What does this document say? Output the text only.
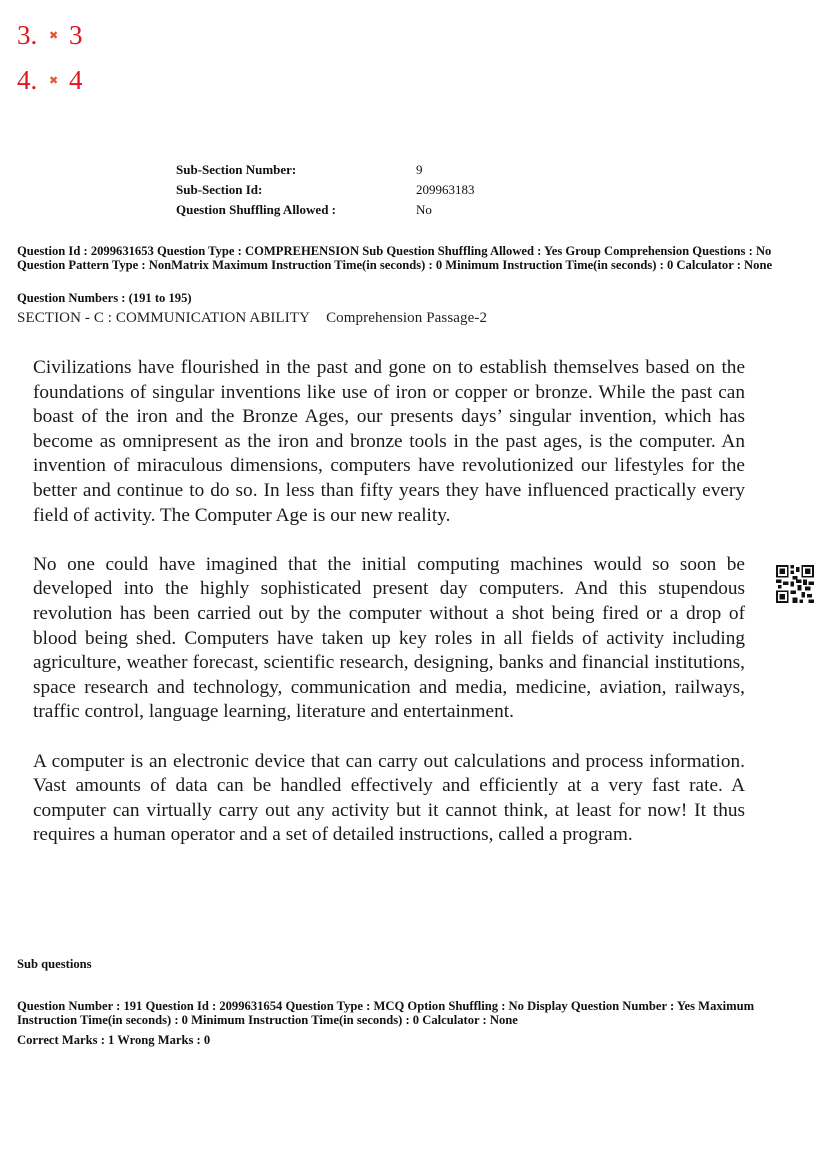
3. ✖ 3
4. ✖ 4
Sub-Section Number:	9
Sub-Section Id:	209963183
Question Shuffling Allowed :	No
Question Id : 2099631653 Question Type : COMPREHENSION Sub Question Shuffling Allowed : Yes Group Comprehension Questions : No Question Pattern Type : NonMatrix Maximum Instruction Time(in seconds) : 0 Minimum Instruction Time(in seconds) : 0 Calculator : None
Question Numbers : (191 to 195)
SECTION - C : COMMUNICATION ABILITY Comprehension Passage-2

Civilizations have flourished in the past and gone on to establish themselves based on the foundations of singular inventions like use of iron or copper or bronze. While the past can boast of the iron and the Bronze Ages, our presents days’ singular invention, which has become as omnipresent as the iron and bronze tools in the past ages, is the computer. An invention of miraculous dimensions, computers have revolutionized our lifestyles for the better and continue to do so. In less than fifty years they have influenced practically every field of activity. The Computer Age is our new reality.

No one could have imagined that the initial computing machines would so soon be developed into the highly sophisticated present day computers. And this stupendous revolution has been carried out by the computer without a shot being fired or a drop of blood being shed. Computers have taken up key roles in all fields of activity including agriculture, weather forecast, scientific research, designing, banks and financial institutions, space research and technology, communication and media, medicine, aviation, railways, traffic control, language learning, literature and entertainment.

A computer is an electronic device that can carry out calculations and process information. Vast amounts of data can be handled effectively and efficiently at a very fast rate. A computer can virtually carry out any activity but it cannot think, at least for now! It thus requires a human operator and a set of detailed instructions, called a program.

Sub questions
Question Number : 191 Question Id : 2099631654 Question Type : MCQ Option Shuffling : No Display Question Number : Yes Maximum Instruction Time(in seconds) : 0 Minimum Instruction Time(in seconds) : 0 Calculator : None
Correct Marks : 1 Wrong Marks : 0
